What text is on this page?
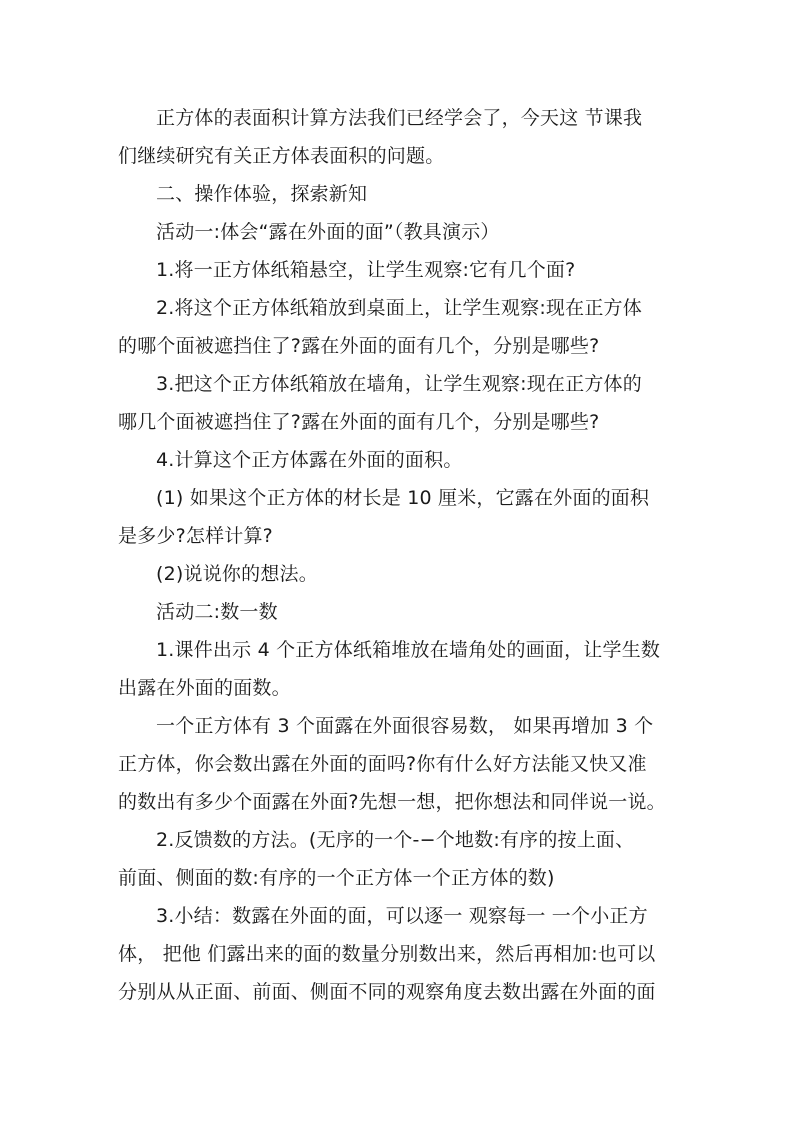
正方体的表面积计算方法我们已经学会了，今天这 节课我

们继续研究有关正方体表面积的问题。

二、操作体验，探索新知

活动一:体会“露在外面的面”（教具演示）

1.将一正方体纸箱悬空，让学生观察:它有几个面?

2.将这个正方体纸箱放到桌面上，让学生观察:现在正方体

的哪个面被遮挡住了?露在外面的面有几个，分别是哪些?

3.把这个正方体纸箱放在墙角，让学生观察:现在正方体的

哪几个面被遮挡住了?露在外面的面有几个，分别是哪些?

4.计算这个正方体露在外面的面积。

(1) 如果这个正方体的材长是 10 厘米，它露在外面的面积

是多少?怎样计算?

(2)说说你的想法。

活动二:数一数

1.课件出示 4 个正方体纸箱堆放在墙角处的画面，让学生数

出露在外面的面数。

一个正方体有 3 个面露在外面很容易数， 如果再增加 3 个

正方体，你会数出露在外面的面吗?你有什么好方法能又快又准

的数出有多少个面露在外面?先想一想，把你想法和同伴说一说。

2.反馈数的方法。(无序的一个-−个地数:有序的按上面、

前面、侧面的数:有序的一个正方体一个正方体的数)

3.小结：数露在外面的面，可以逐一 观察每一 一个小正方

体， 把他 们露出来的面的数量分别数出来，然后再相加:也可以

分别从从正面、前面、侧面不同的观察角度去数出露在外面的面
